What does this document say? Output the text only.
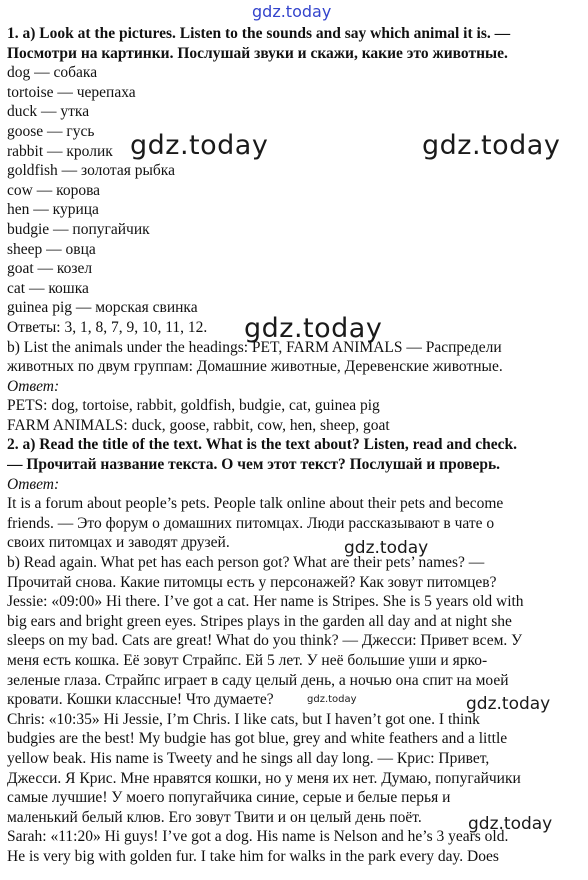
gdz.today
gdz.today	gdz.today
gdz.today
gdz.today
gdz.today
gdz.today
gdz.today
1. a) Look at the pictures. Listen to the sounds and say which animal it is. —
Посмотри на картинки. Послушай звуки и скажи, какие это животные.
dog — собака
tortoise — черепаха
duck — утка
goose — гусь
rabbit — кролик
goldfish — золотая рыбка
cow — корова
hen — курица
budgie — попугайчик
sheep — овца
goat — козел
cat — кошка
guinea pig — морская свинка
Ответы: 3, 1, 8, 7, 9, 10, 11, 12.
b) List the animals under the headings: PET, FARM ANIMALS — Распредели
животных по двум группам: Домашние животные, Деревенские животные.
Ответ:
PETS: dog, tortoise, rabbit, goldfish, budgie, cat, guinea pig
FARM ANIMALS: duck, goose, rabbit, cow, hen, sheep, goat
2. a) Read the title of the text. What is the text about? Listen, read and check.
— Прочитай название текста. О чем этот текст? Послушай и проверь.
Ответ:
It is a forum about people’s pets. People talk online about their pets and become
friends. — Это форум о домашних питомцах. Люди рассказывают в чате о
своих питомцах и заводят друзей.
b) Read again. What pet has each person got? What are their pets’ names? —
Прочитай снова. Какие питомцы есть у персонажей? Как зовут питомцев?
Jessie: «09:00» Hi there. I’ve got a cat. Her name is Stripes. She is 5 years old with
big ears and bright green eyes. Stripes plays in the garden all day and at night she
sleeps on my bad. Cats are great! What do you think? — Джесси: Привет всем. У
меня есть кошка. Её зовут Страйпс. Ей 5 лет. У неё большие уши и ярко-
зеленые глаза. Страйпс играет в саду целый день, а ночью она спит на моей
кровати. Кошки классные! Что думаете?
Chris: «10:35» Hi Jessie, I’m Chris. I like cats, but I haven’t got one. I think
budgies are the best! My budgie has got blue, grey and white feathers and a little
yellow beak. His name is Tweety and he sings all day long. — Крис: Привет,
Джесси. Я Крис. Мне нравятся кошки, но у меня их нет. Думаю, попугайчики
самые лучшие! У моего попугайчика синие, серые и белые перья и
маленький белый клюв. Его зовут Твити и он целый день поёт.
Sarah: «11:20» Hi guys! I’ve got a dog. His name is Nelson and he’s 3 years old.
He is very big with golden fur. I take him for walks in the park every day. Does
